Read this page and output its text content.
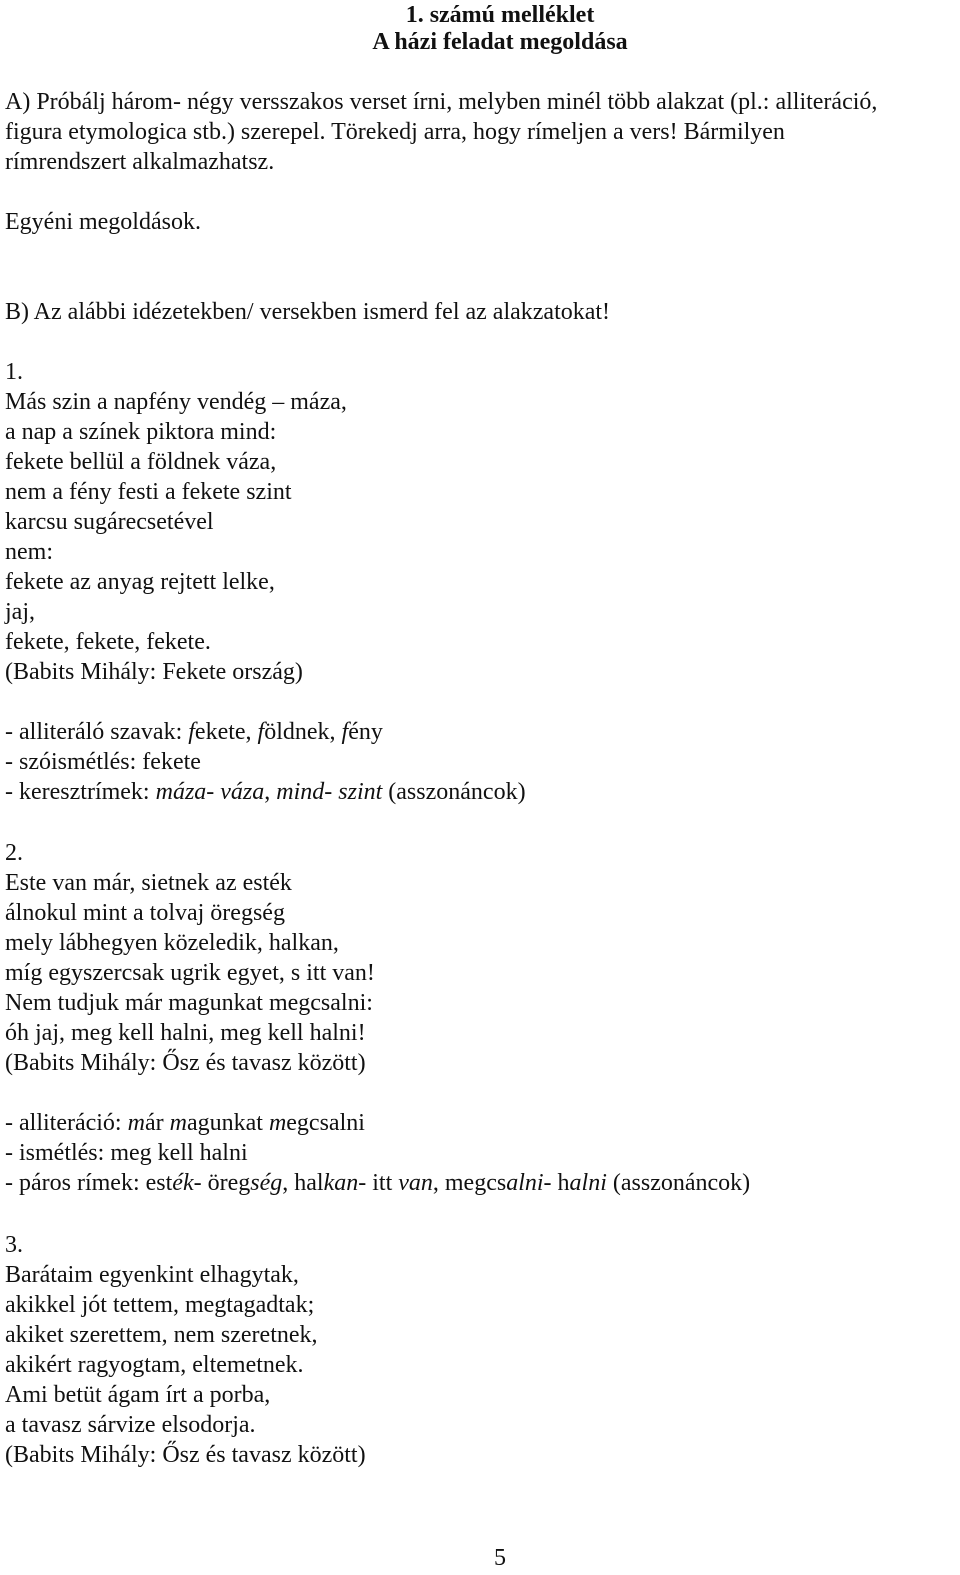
1. számú melléklet
A házi feladat megoldása
A) Próbálj három- négy versszakos verset írni, melyben minél több alakzat (pl.: alliteráció,
figura etymologica stb.) szerepel. Törekedj arra, hogy rímeljen a vers! Bármilyen
rímrendszert alkalmazhatsz.
Egyéni megoldások.
B) Az alábbi idézetekben/ versekben ismerd fel az alakzatokat!
1.
Más szin a napfény vendég – máza,
a nap a színek piktora mind:
fekete bellül a földnek váza,
nem a fény festi a fekete szint
karcsu sugárecsetével
nem:
fekete az anyag rejtett lelke,
jaj,
fekete, fekete, fekete.
(Babits Mihály: Fekete ország)
- alliteráló szavak: fekete, földnek, fény
- szóismétlés: fekete
- keresztrímek: máza- váza, mind- szint (asszonáncok)
2.
Este van már, sietnek az esték
álnokul mint a tolvaj öregség
mely lábhegyen közeledik, halkan,
míg egyszercsak ugrik egyet, s itt van!
Nem tudjuk már magunkat megcsalni:
óh jaj, meg kell halni, meg kell halni!
(Babits Mihály: Ősz és tavasz között)
- alliteráció: már magunkat megcsalni
- ismétlés: meg kell halni
- páros rímek: esték- öregség, halkan- itt van, megcsalni- halni (asszonáncok)
3.
Barátaim egyenkint elhagytak,
akikkel jót tettem, megtagadtak;
akiket szerettem, nem szeretnek,
akikért ragyogtam, eltemetnek.
Ami betüt ágam írt a porba,
a tavasz sárvize elsodorja.
(Babits Mihály: Ősz és tavasz között)
5
